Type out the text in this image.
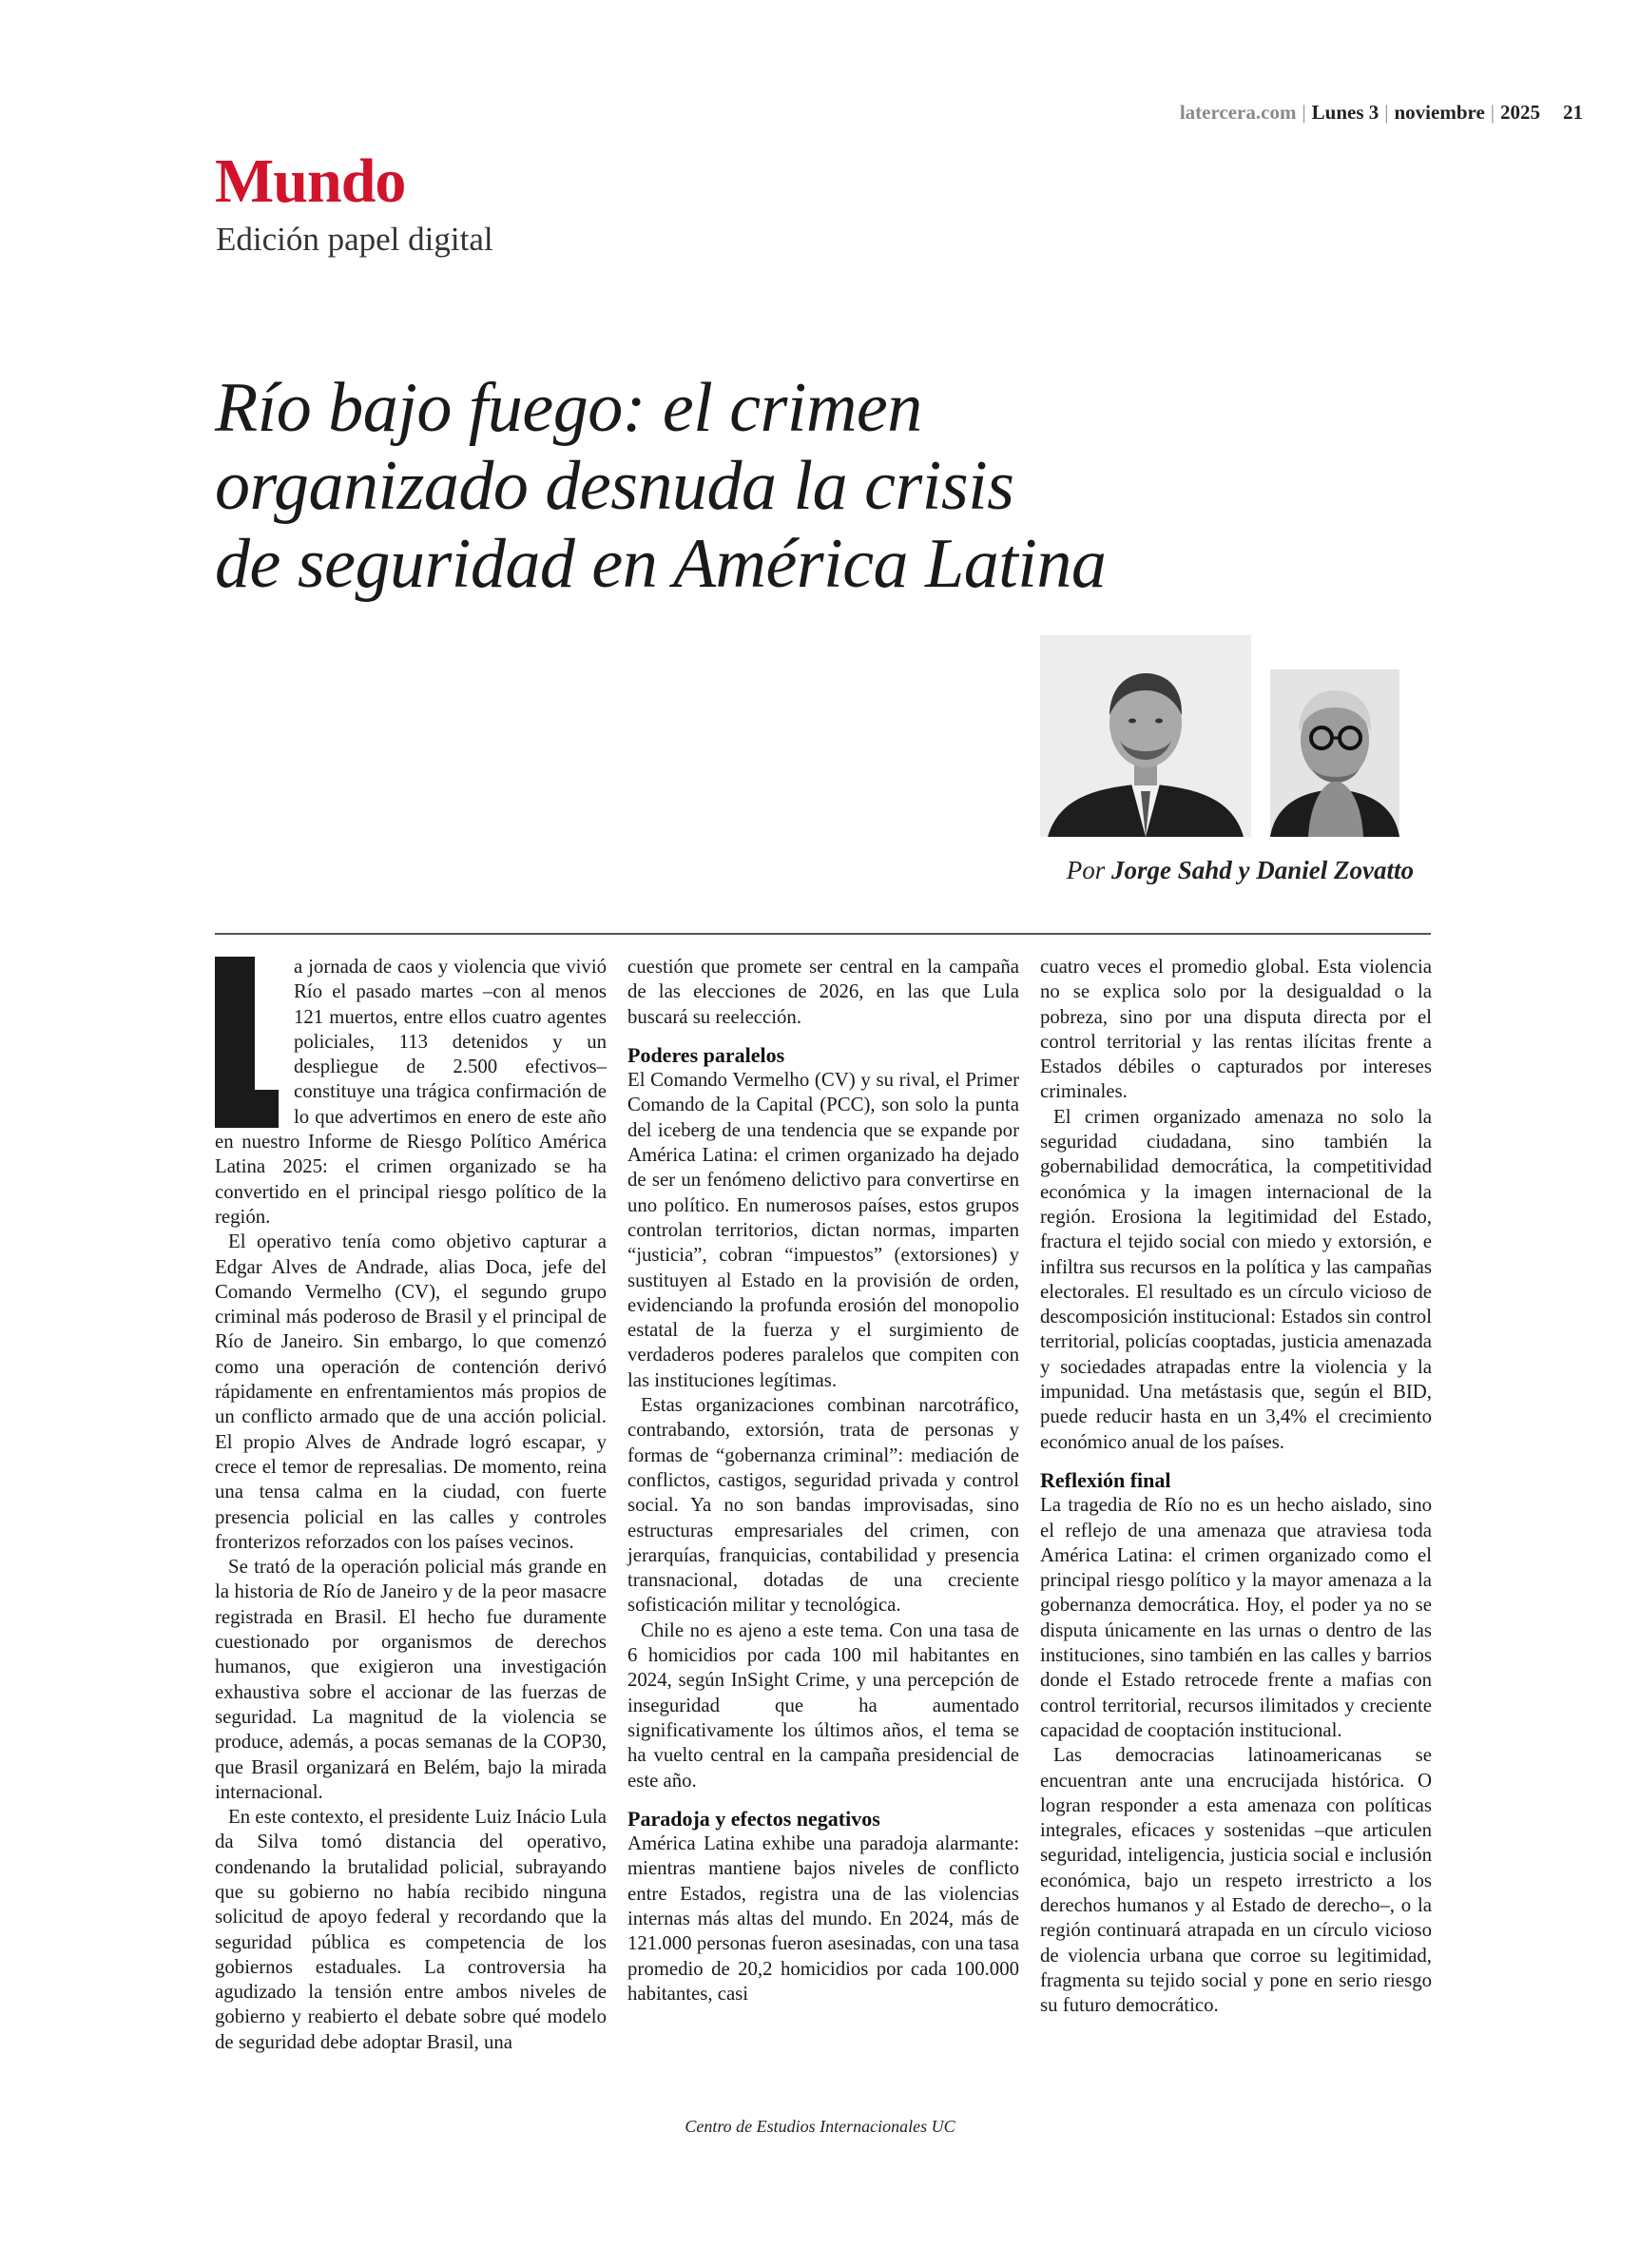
latercera.com | Lunes 3 | noviembre | 2025 21
Mundo
Edición papel digital
Río bajo fuego: el crimen
organizado desnuda la crisis
de seguridad en América Latina
Por Jorge Sahd y Daniel Zovatto

a jornada de caos y violencia que vivió Río el pasado martes –con al menos 121 muertos, entre ellos cuatro agentes policiales, 113 detenidos y un despliegue de 2.500 efectivos– constituye una trágica confirmación de lo que advertimos en enero de este año en nuestro Informe de Riesgo Político América Latina 2025: el crimen organizado se ha convertido en el principal riesgo político de la región.

El operativo tenía como objetivo capturar a Edgar Alves de Andrade, alias Doca, jefe del Comando Vermelho (CV), el segundo grupo criminal más poderoso de Brasil y el principal de Río de Janeiro. Sin embargo, lo que comenzó como una operación de contención derivó rápidamente en enfrentamientos más propios de un conflicto armado que de una acción policial. El propio Alves de Andrade logró escapar, y crece el temor de represalias. De momento, reina una tensa calma en la ciudad, con fuerte presencia policial en las calles y controles fronterizos reforzados con los países vecinos.

Se trató de la operación policial más grande en la historia de Río de Janeiro y de la peor masacre registrada en Brasil. El hecho fue duramente cuestionado por organismos de derechos humanos, que exigieron una investigación exhaustiva sobre el accionar de las fuerzas de seguridad. La magnitud de la violencia se produce, además, a pocas semanas de la COP30, que Brasil organizará en Belém, bajo la mirada internacional.

En este contexto, el presidente Luiz Inácio Lula da Silva tomó distancia del operativo, condenando la brutalidad policial, subrayando que su gobierno no había recibido ninguna solicitud de apoyo federal y recordando que la seguridad pública es competencia de los gobiernos estaduales. La controversia ha agudizado la tensión entre ambos niveles de gobierno y reabierto el debate sobre qué modelo de seguridad debe adoptar Brasil, una

cuestión que promete ser central en la campaña de las elecciones de 2026, en las que Lula buscará su reelección.

Poderes paralelos

El Comando Vermelho (CV) y su rival, el Primer Comando de la Capital (PCC), son solo la punta del iceberg de una tendencia que se expande por América Latina: el crimen organizado ha dejado de ser un fenómeno delictivo para convertirse en uno político. En numerosos países, estos grupos controlan territorios, dictan normas, imparten “justicia”, cobran “impuestos” (extorsiones) y sustituyen al Estado en la provisión de orden, evidenciando la profunda erosión del monopolio estatal de la fuerza y el surgimiento de verdaderos poderes paralelos que compiten con las instituciones legítimas.

Estas organizaciones combinan narcotráfico, contrabando, extorsión, trata de personas y formas de “gobernanza criminal”: mediación de conflictos, castigos, seguridad privada y control social. Ya no son bandas improvisadas, sino estructuras empresariales del crimen, con jerarquías, franquicias, contabilidad y presencia transnacional, dotadas de una creciente sofisticación militar y tecnológica.

Chile no es ajeno a este tema. Con una tasa de 6 homicidios por cada 100 mil habitantes en 2024, según InSight Crime, y una percepción de inseguridad que ha aumentado significativamente los últimos años, el tema se ha vuelto central en la campaña presidencial de este año.

Paradoja y efectos negativos

América Latina exhibe una paradoja alarmante: mientras mantiene bajos niveles de conflicto entre Estados, registra una de las violencias internas más altas del mundo. En 2024, más de 121.000 personas fueron asesinadas, con una tasa promedio de 20,2 homicidios por cada 100.000 habitantes, casi

cuatro veces el promedio global. Esta violencia no se explica solo por la desigualdad o la pobreza, sino por una disputa directa por el control territorial y las rentas ilícitas frente a Estados débiles o capturados por intereses criminales.

El crimen organizado amenaza no solo la seguridad ciudadana, sino también la gobernabilidad democrática, la competitividad económica y la imagen internacional de la región. Erosiona la legitimidad del Estado, fractura el tejido social con miedo y extorsión, e infiltra sus recursos en la política y las campañas electorales. El resultado es un círculo vicioso de descomposición institucional: Estados sin control territorial, policías cooptadas, justicia amenazada y sociedades atrapadas entre la violencia y la impunidad. Una metástasis que, según el BID, puede reducir hasta en un 3,4% el crecimiento económico anual de los países.

Reflexión final

La tragedia de Río no es un hecho aislado, sino el reflejo de una amenaza que atraviesa toda América Latina: el crimen organizado como el principal riesgo político y la mayor amenaza a la gobernanza democrática. Hoy, el poder ya no se disputa únicamente en las urnas o dentro de las instituciones, sino también en las calles y barrios donde el Estado retrocede frente a mafias con control territorial, recursos ilimitados y creciente capacidad de cooptación institucional.

Las democracias latinoamericanas se encuentran ante una encrucijada histórica. O logran responder a esta amenaza con políticas integrales, eficaces y sostenidas –que articulen seguridad, inteligencia, justicia social e inclusión económica, bajo un respeto irrestricto a los derechos humanos y al Estado de derecho–, o la región continuará atrapada en un círculo vicioso de violencia urbana que corroe su legitimidad, fragmenta su tejido social y pone en serio riesgo su futuro democrático.

Centro de Estudios Internacionales UC
